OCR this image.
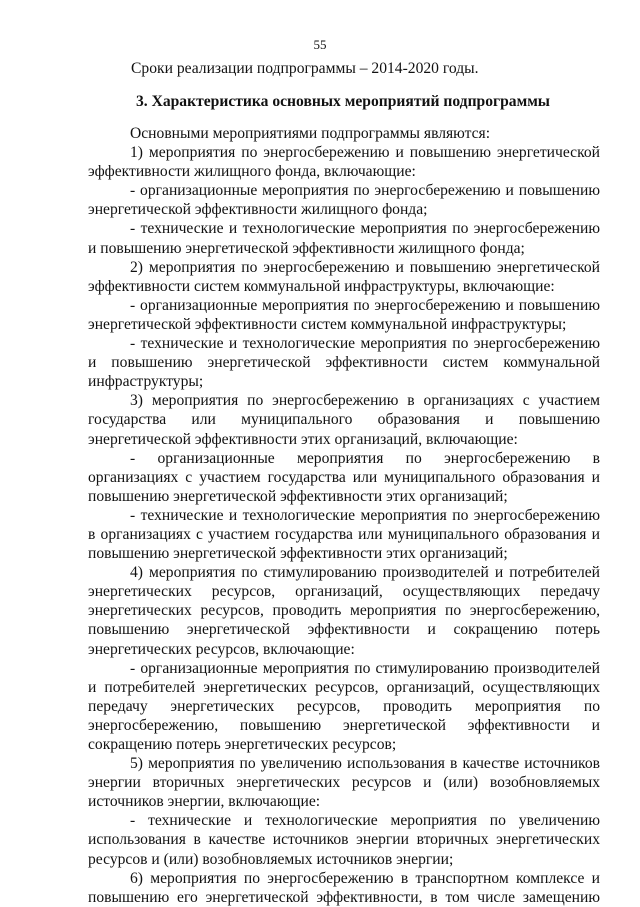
55
Сроки реализации подпрограммы – 2014-2020 годы.
3. Характеристика основных мероприятий подпрограммы

Основными мероприятиями подпрограммы являются:

1) мероприятия по энергосбережению и повышению энергетической эффективности жилищного фонда, включающие:

- организационные мероприятия по энергосбережению и повышению энергетической эффективности жилищного фонда;

- технические и технологические мероприятия по энергосбережению и повышению энергетической эффективности жилищного фонда;

2) мероприятия по энергосбережению и повышению энергетической эффективности систем коммунальной инфраструктуры, включающие:

- организационные мероприятия по энергосбережению и повышению энергетической эффективности систем коммунальной инфраструктуры;

- технические и технологические мероприятия по энергосбережению и повышению энергетической эффективности систем коммунальной инфраструктуры;

3) мероприятия по энергосбережению в организациях с участием государства или муниципального образования и повышению энергетической эффективности этих организаций, включающие:

- организационные мероприятия по энергосбережению в организациях с участием государства или муниципального образования и повышению энергетической эффективности этих организаций;

- технические и технологические мероприятия по энергосбережению в организациях с участием государства или муниципального образования и повышению энергетической эффективности этих организаций;

4) мероприятия по стимулированию производителей и потребителей энергетических ресурсов, организаций, осуществляющих передачу энергетических ресурсов, проводить мероприятия по энергосбережению, повышению энергетической эффективности и сокращению потерь энергетических ресурсов, включающие:

- организационные мероприятия по стимулированию производителей и потребителей энергетических ресурсов, организаций, осуществляющих передачу энергетических ресурсов, проводить мероприятия по энергосбережению, повышению энергетической эффективности и сокращению потерь энергетических ресурсов;

5) мероприятия по увеличению использования в качестве источников энергии вторичных энергетических ресурсов и (или) возобновляемых источников энергии, включающие:

- технические и технологические мероприятия по увеличению использования в качестве источников энергии вторичных энергетических ресурсов и (или) возобновляемых источников энергии;

6) мероприятия по энергосбережению в транспортном комплексе и повышению его энергетической эффективности, в том числе замещению
